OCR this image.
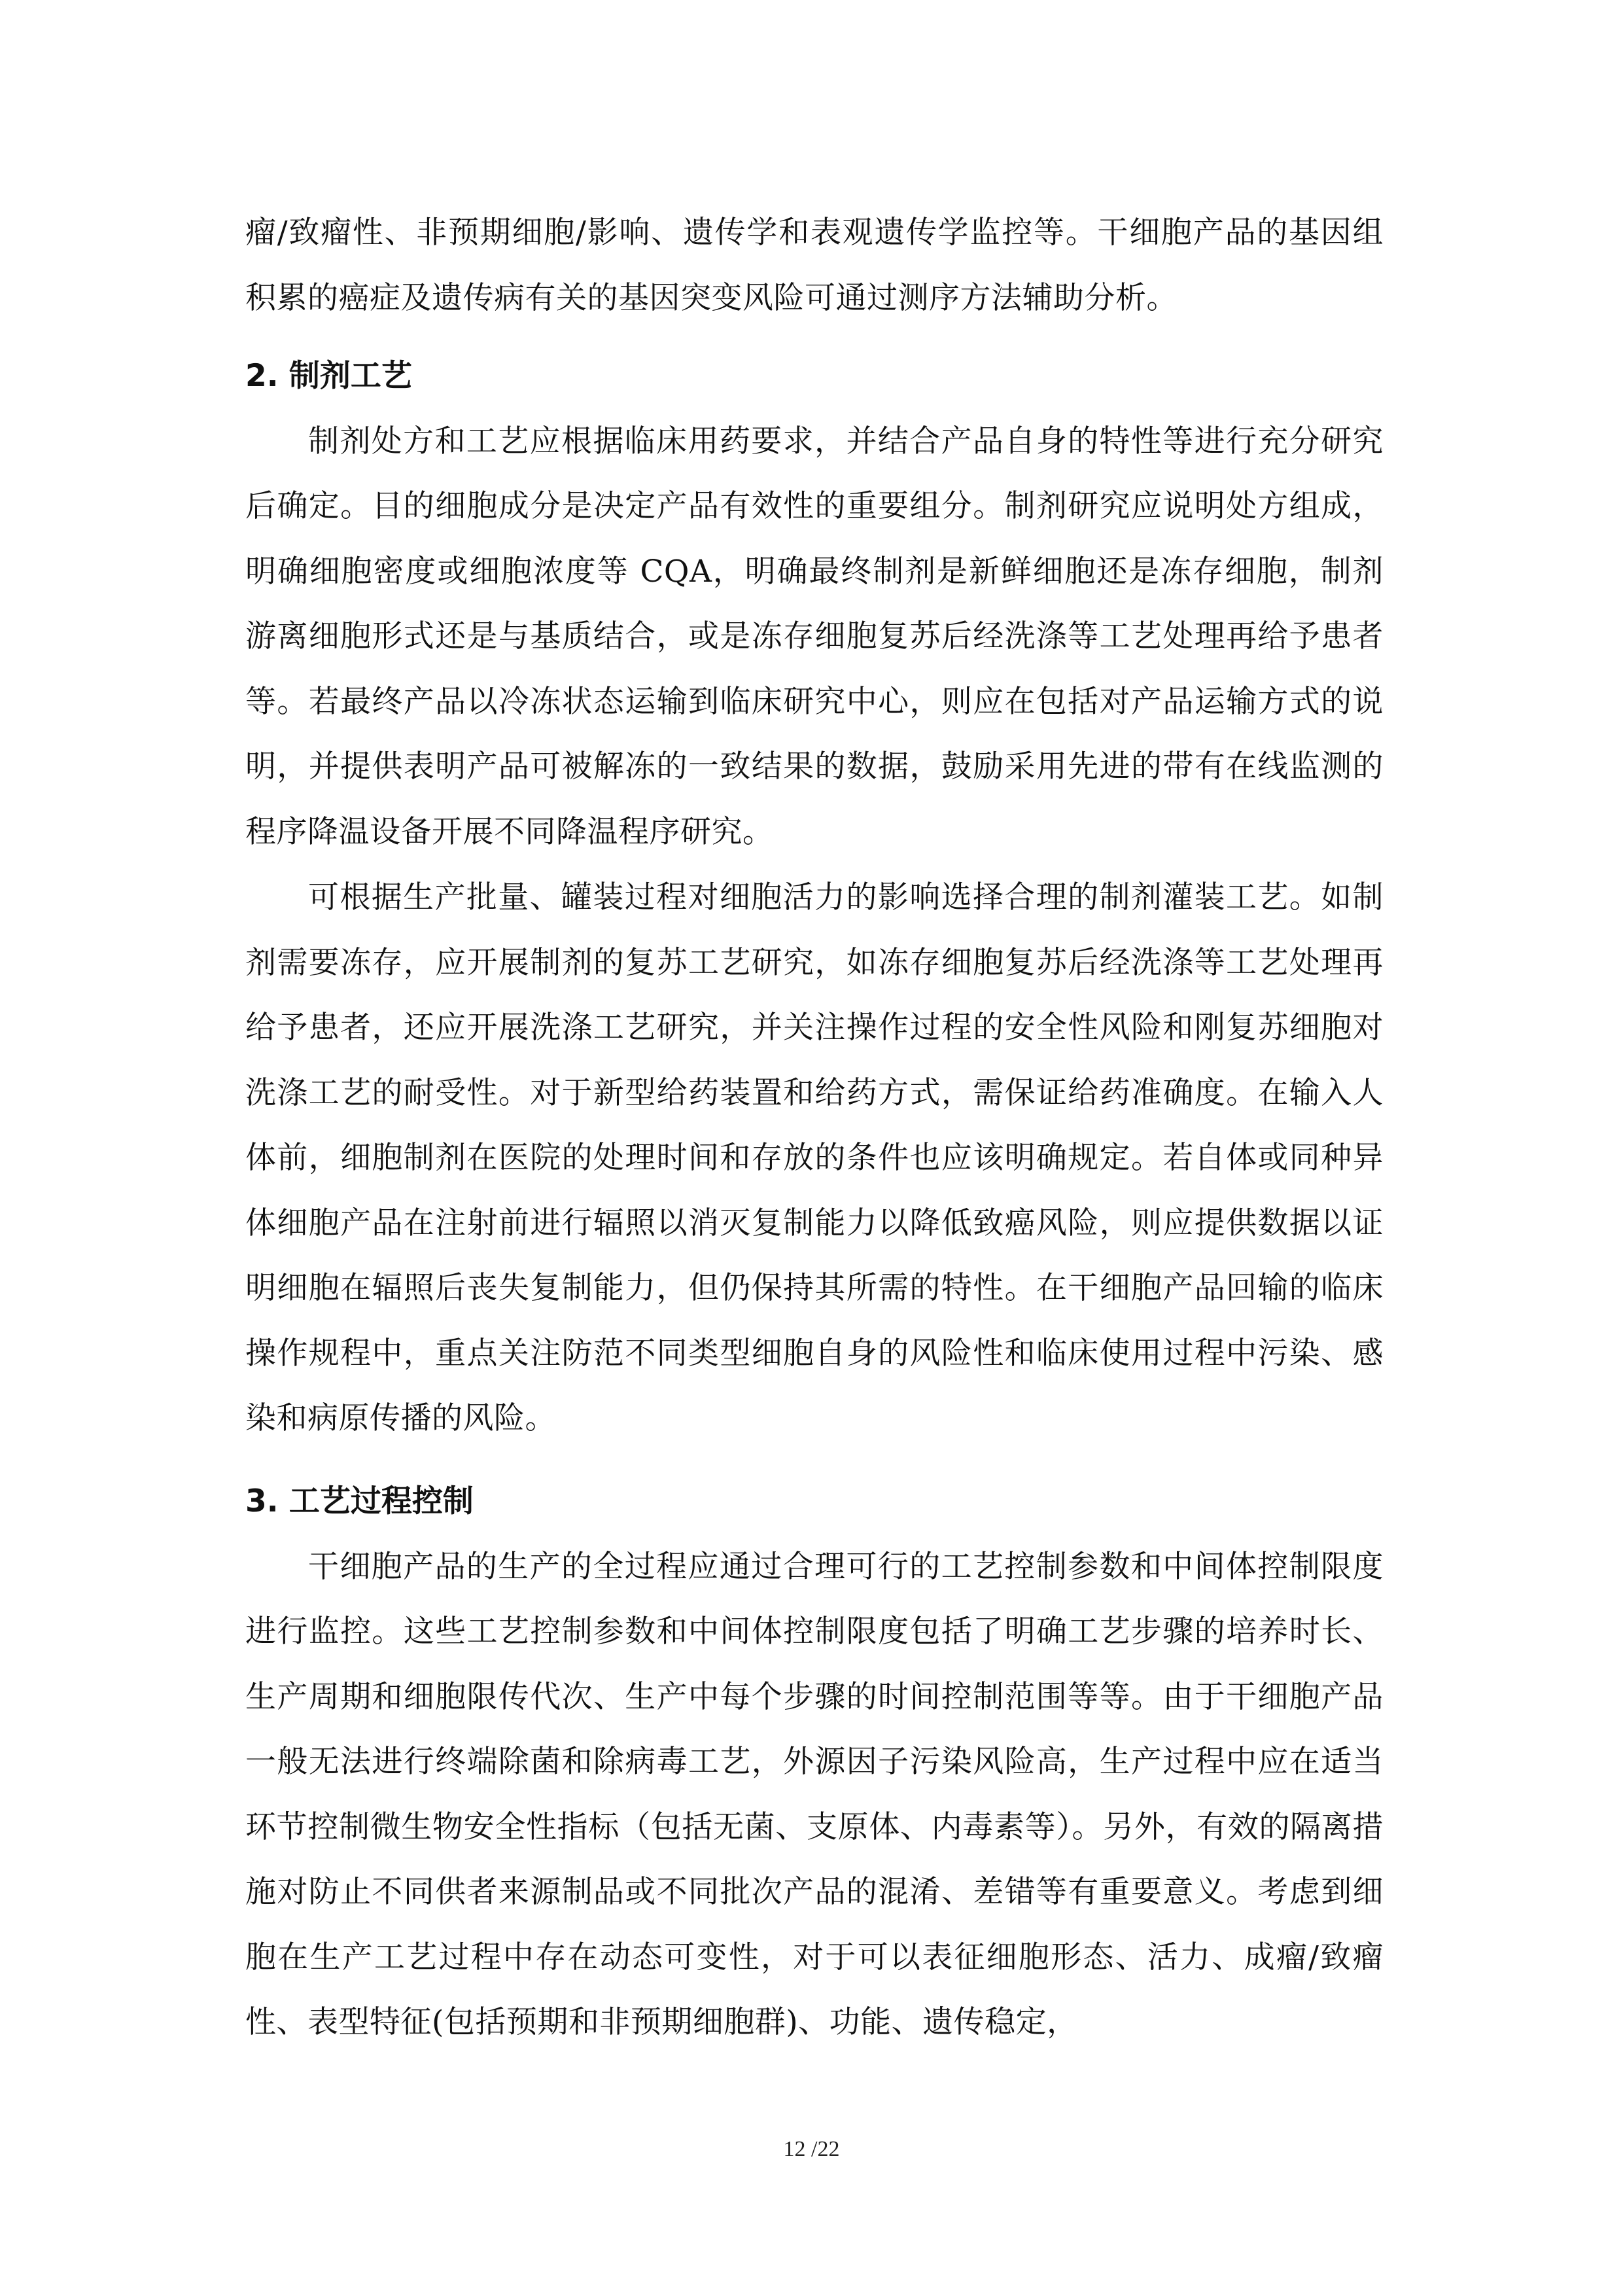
瘤/致瘤性、非预期细胞/影响、遗传学和表观遗传学监控等。干细胞产品的基因组积累的癌症及遗传病有关的基因突变风险可通过测序方法辅助分析。

2. 制剂工艺

制剂处方和工艺应根据临床用药要求，并结合产品自身的特性等进行充分研究后确定。目的细胞成分是决定产品有效性的重要组分。制剂研究应说明处方组成，明确细胞密度或细胞浓度等 CQA，明确最终制剂是新鲜细胞还是冻存细胞，制剂游离细胞形式还是与基质结合，或是冻存细胞复苏后经洗涤等工艺处理再给予患者等。若最终产品以冷冻状态运输到临床研究中心，则应在包括对产品运输方式的说明，并提供表明产品可被解冻的一致结果的数据，鼓励采用先进的带有在线监测的程序降温设备开展不同降温程序研究。

可根据生产批量、罐装过程对细胞活力的影响选择合理的制剂灌装工艺。如制剂需要冻存，应开展制剂的复苏工艺研究，如冻存细胞复苏后经洗涤等工艺处理再给予患者，还应开展洗涤工艺研究，并关注操作过程的安全性风险和刚复苏细胞对洗涤工艺的耐受性。对于新型给药装置和给药方式，需保证给药准确度。在输入人体前，细胞制剂在医院的处理时间和存放的条件也应该明确规定。若自体或同种异体细胞产品在注射前进行辐照以消灭复制能力以降低致癌风险，则应提供数据以证明细胞在辐照后丧失复制能力，但仍保持其所需的特性。在干细胞产品回输的临床操作规程中，重点关注防范不同类型细胞自身的风险性和临床使用过程中污染、感染和病原传播的风险。

3. 工艺过程控制

干细胞产品的生产的全过程应通过合理可行的工艺控制参数和中间体控制限度进行监控。这些工艺控制参数和中间体控制限度包括了明确工艺步骤的培养时长、生产周期和细胞限传代次、生产中每个步骤的时间控制范围等等。由于干细胞产品一般无法进行终端除菌和除病毒工艺，外源因子污染风险高，生产过程中应在适当环节控制微生物安全性指标（包括无菌、支原体、内毒素等）。另外，有效的隔离措施对防止不同供者来源制品或不同批次产品的混淆、差错等有重要意义。考虑到细胞在生产工艺过程中存在动态可变性，对于可以表征细胞形态、活力、成瘤/致瘤性、表型特征(包括预期和非预期细胞群)、功能、遗传稳定，

12 /22
